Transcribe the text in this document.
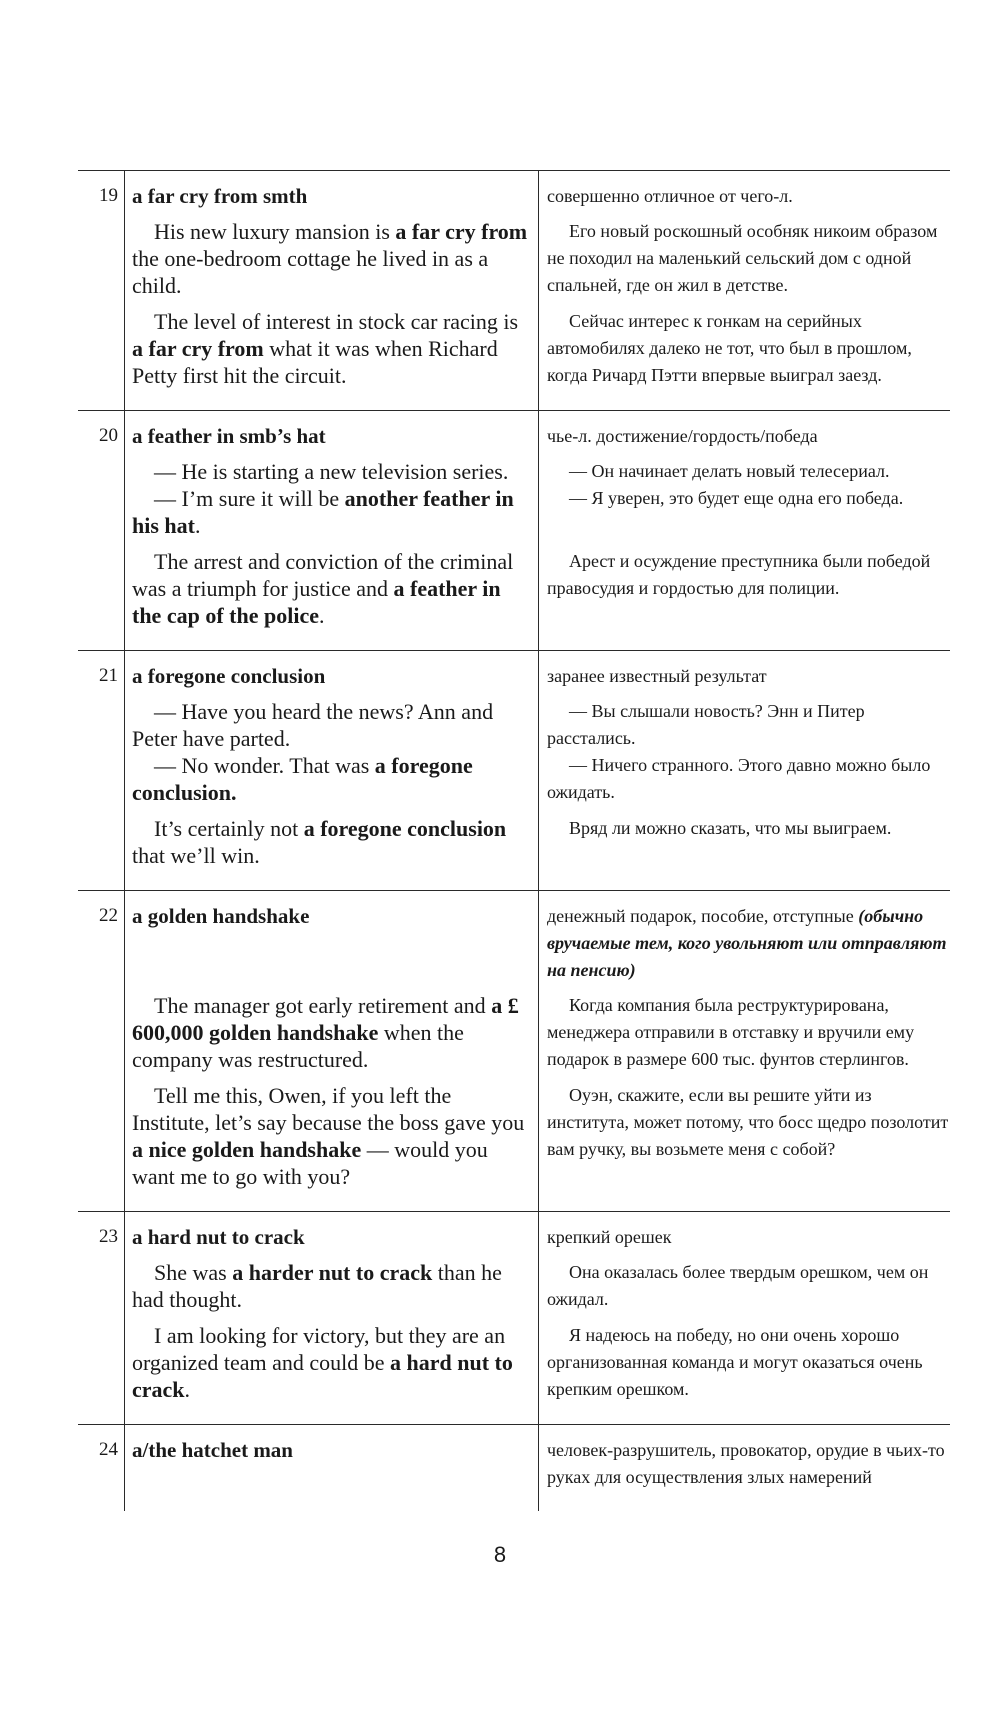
19 a far cry from smth
His new luxury mansion is a far cry from the one-bedroom cottage he lived in as a child.
The level of interest in stock car racing is a far cry from what it was when Richard Petty first hit the circuit.
совершенно отличное от чего-л.
Его новый роскошный особняк никоим образом не походил на маленький сельский дом с одной спальней, где он жил в детстве.
Сейчас интерес к гонкам на серийных автомобилях далеко не тот, что был в прошлом, когда Ричард Пэтти впервые выиграл заезд.
20 a feather in smb’s hat
— He is starting a new television series.
— I’m sure it will be another feather in his hat.
The arrest and conviction of the criminal was a triumph for justice and a feather in the cap of the police.
чье-л. достижение/гордость/победа
— Он начинает делать новый телесериал.
— Я уверен, это будет еще одна его победа.
Арест и осуждение преступника были победой правосудия и гордостью для полиции.
21 a foregone conclusion
— Have you heard the news? Ann and Peter have parted.
— No wonder. That was a foregone conclusion.
It’s certainly not a foregone conclusion that we’ll win.
заранее известный результат
— Вы слышали новость? Энн и Питер расстались.
— Ничего странного. Этого давно можно было ожидать.
Вряд ли можно сказать, что мы выиграем.
22 a golden handshake
The manager got early retirement and a £ 600,000 golden handshake when the company was restructured.
Tell me this, Owen, if you left the Institute, let’s say because the boss gave you a nice golden handshake — would you want me to go with you?
денежный подарок, пособие, отступные (обычно вручаемые тем, кого увольняют или отправляют на пенсию)
Когда компания была реструктурирована, менеджера отправили в отставку и вручили ему подарок в размере 600 тыс. фунтов стерлингов.
Оуэн, скажите, если вы решите уйти из института, может потому, что босс щедро позолотит вам ручку, вы возьмете меня с собой?
23 a hard nut to crack
She was a harder nut to crack than he had thought.
I am looking for victory, but they are an organized team and could be a hard nut to crack.
крепкий орешек
Она оказалась более твердым орешком, чем он ожидал.
Я надеюсь на победу, но они очень хорошо организованная команда и могут оказаться очень крепким орешком.
24 a/the hatchet man	человек-разрушитель, провокатор, орудие в чьих-то руках для осуществления злых намерений
8
